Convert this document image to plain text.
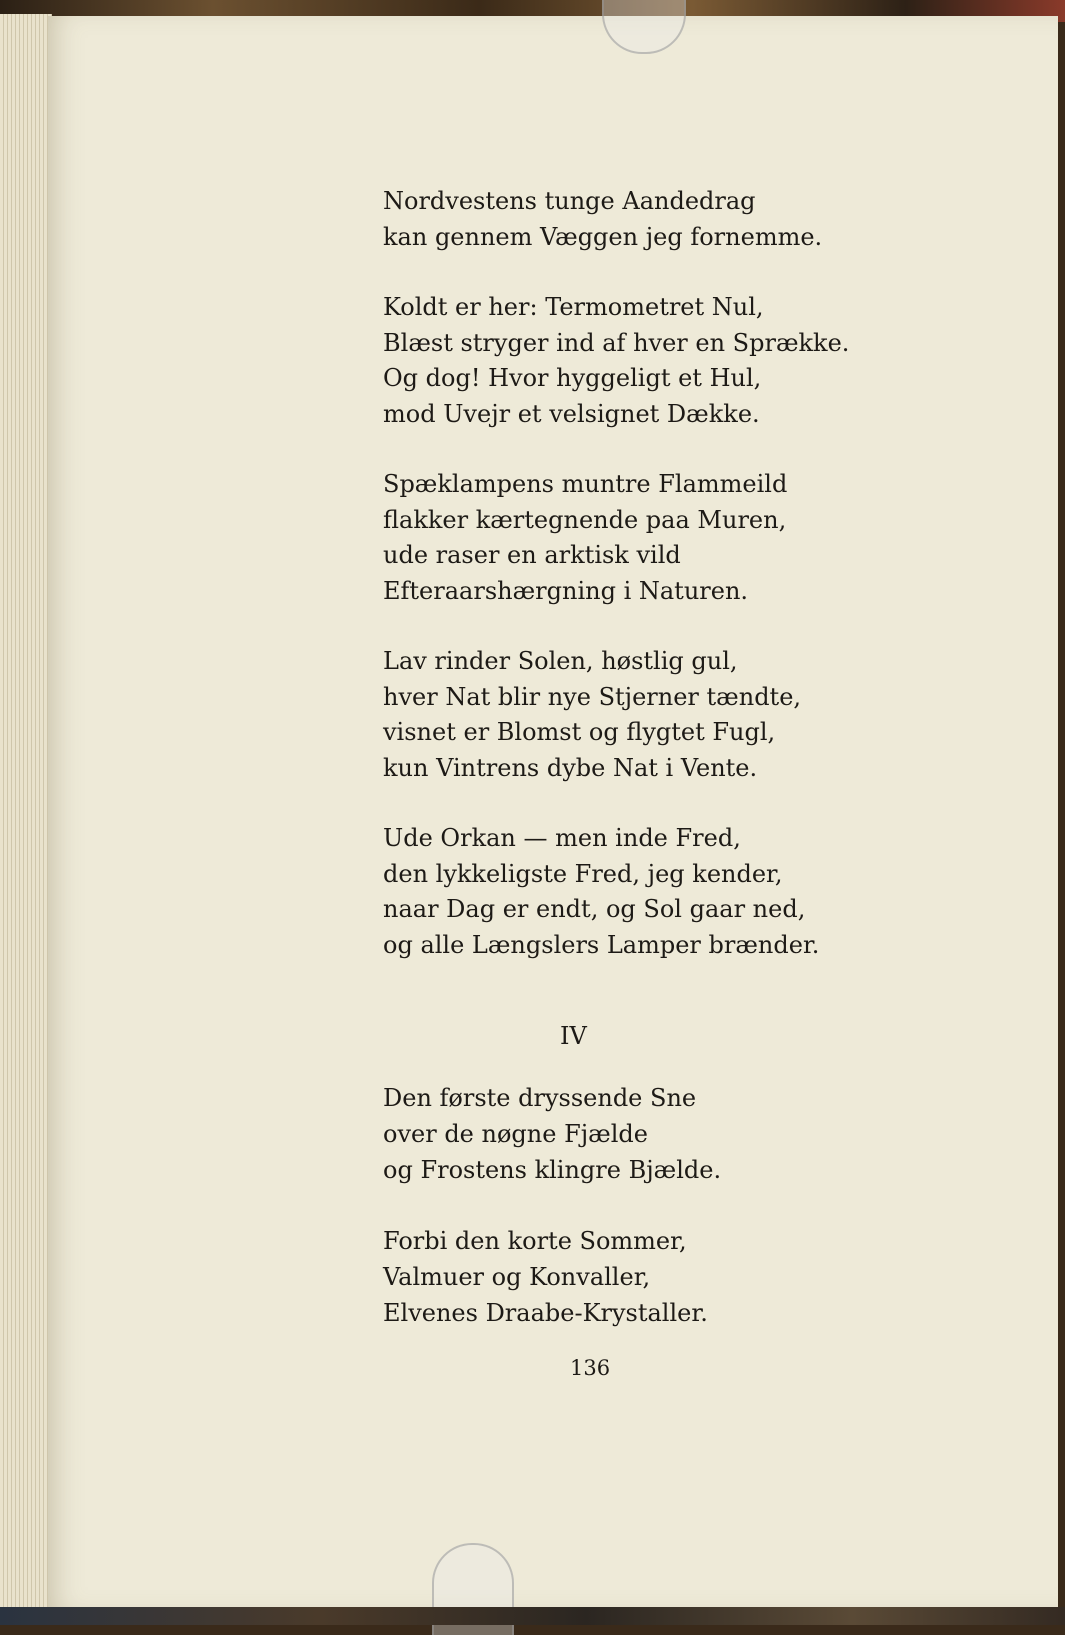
Nordvestens tunge Aandedrag
kan gennem Væggen jeg fornemme.
Koldt er her: Termometret Nul,
Blæst stryger ind af hver en Sprække.
Og dog! Hvor hyggeligt et Hul,
mod Uvejr et velsignet Dække.
Spæklampens muntre Flammeild
flakker kærtegnende paa Muren,
ude raser en arktisk vild
Efteraarshærgning i Naturen.
Lav rinder Solen, høstlig gul,
hver Nat blir nye Stjerner tændte,
visnet er Blomst og flygtet Fugl,
kun Vintrens dybe Nat i Vente.
Ude Orkan — men inde Fred,
den lykkeligste Fred, jeg kender,
naar Dag er endt, og Sol gaar ned,
og alle Længslers Lamper brænder.
IV
Den første dryssende Sne
over de nøgne Fjælde
og Frostens klingre Bjælde.
Forbi den korte Sommer,
Valmuer og Konvaller,
Elvenes Draabe-Krystaller.
136
